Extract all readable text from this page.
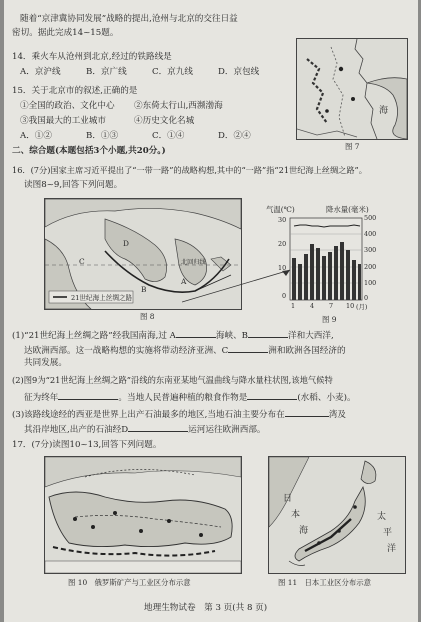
随着“京津冀协同发展”战略的提出,沧州与北京的交往日益
密切。据此完成14~15题。
14．乘火车从沧州到北京,经过的铁路线是
A．京沪线	B．京广线	C．京九线	D．京包线
15．关于北京市的叙述,正确的是
①全国的政治、文化中心 ②东倚太行山,西濒渤海
③我国最大的工业城市	④历史文化名城
A．①②	B．①③	C．①④	D．②④
海
图 7
二、综合题(本题包括3个小题,共20分。)
16．(7分)国家主席习近平提出了“一带一路”的战略构想,其中的“一路”指“21世纪海上丝绸之路”。
读图8~9,回答下列问题。
21世纪海上丝绸之路
北回归线
C
D
B
A
图 8
气温(℃)	降水量(毫米)
30
20
10
0
500
400
300
200
100
0
1 4 7 10 (月)
图 9
(1)“21世纪海上丝绸之路”经我国南海,过 A	海峡、B	洋和大西洋,
达欧洲西部。这一战略构想的实施将带动经济亚洲、C	洲和欧洲各国经济的
共同发展。
(2)图9为“21世纪海上丝绸之路”沿线的东南亚某地气温曲线与降水量柱状图,该地气候特
征为终年	。当地人民普遍种植的粮食作物是	(水稻、小麦)。
(3)该路线途经的西亚是世界上出产石油最多的地区,当地石油主要分布在	湾及
其沿岸地区,出产的石油经D	运河运往欧洲西部。
17．(7分)读图10~13,回答下列问题。
图 10　俄罗斯矿产与工业区分布示意
日
本
海
太
平
洋
图 11　日本工业区分布示意
地理生物试卷　第 3 页(共 8 页)
